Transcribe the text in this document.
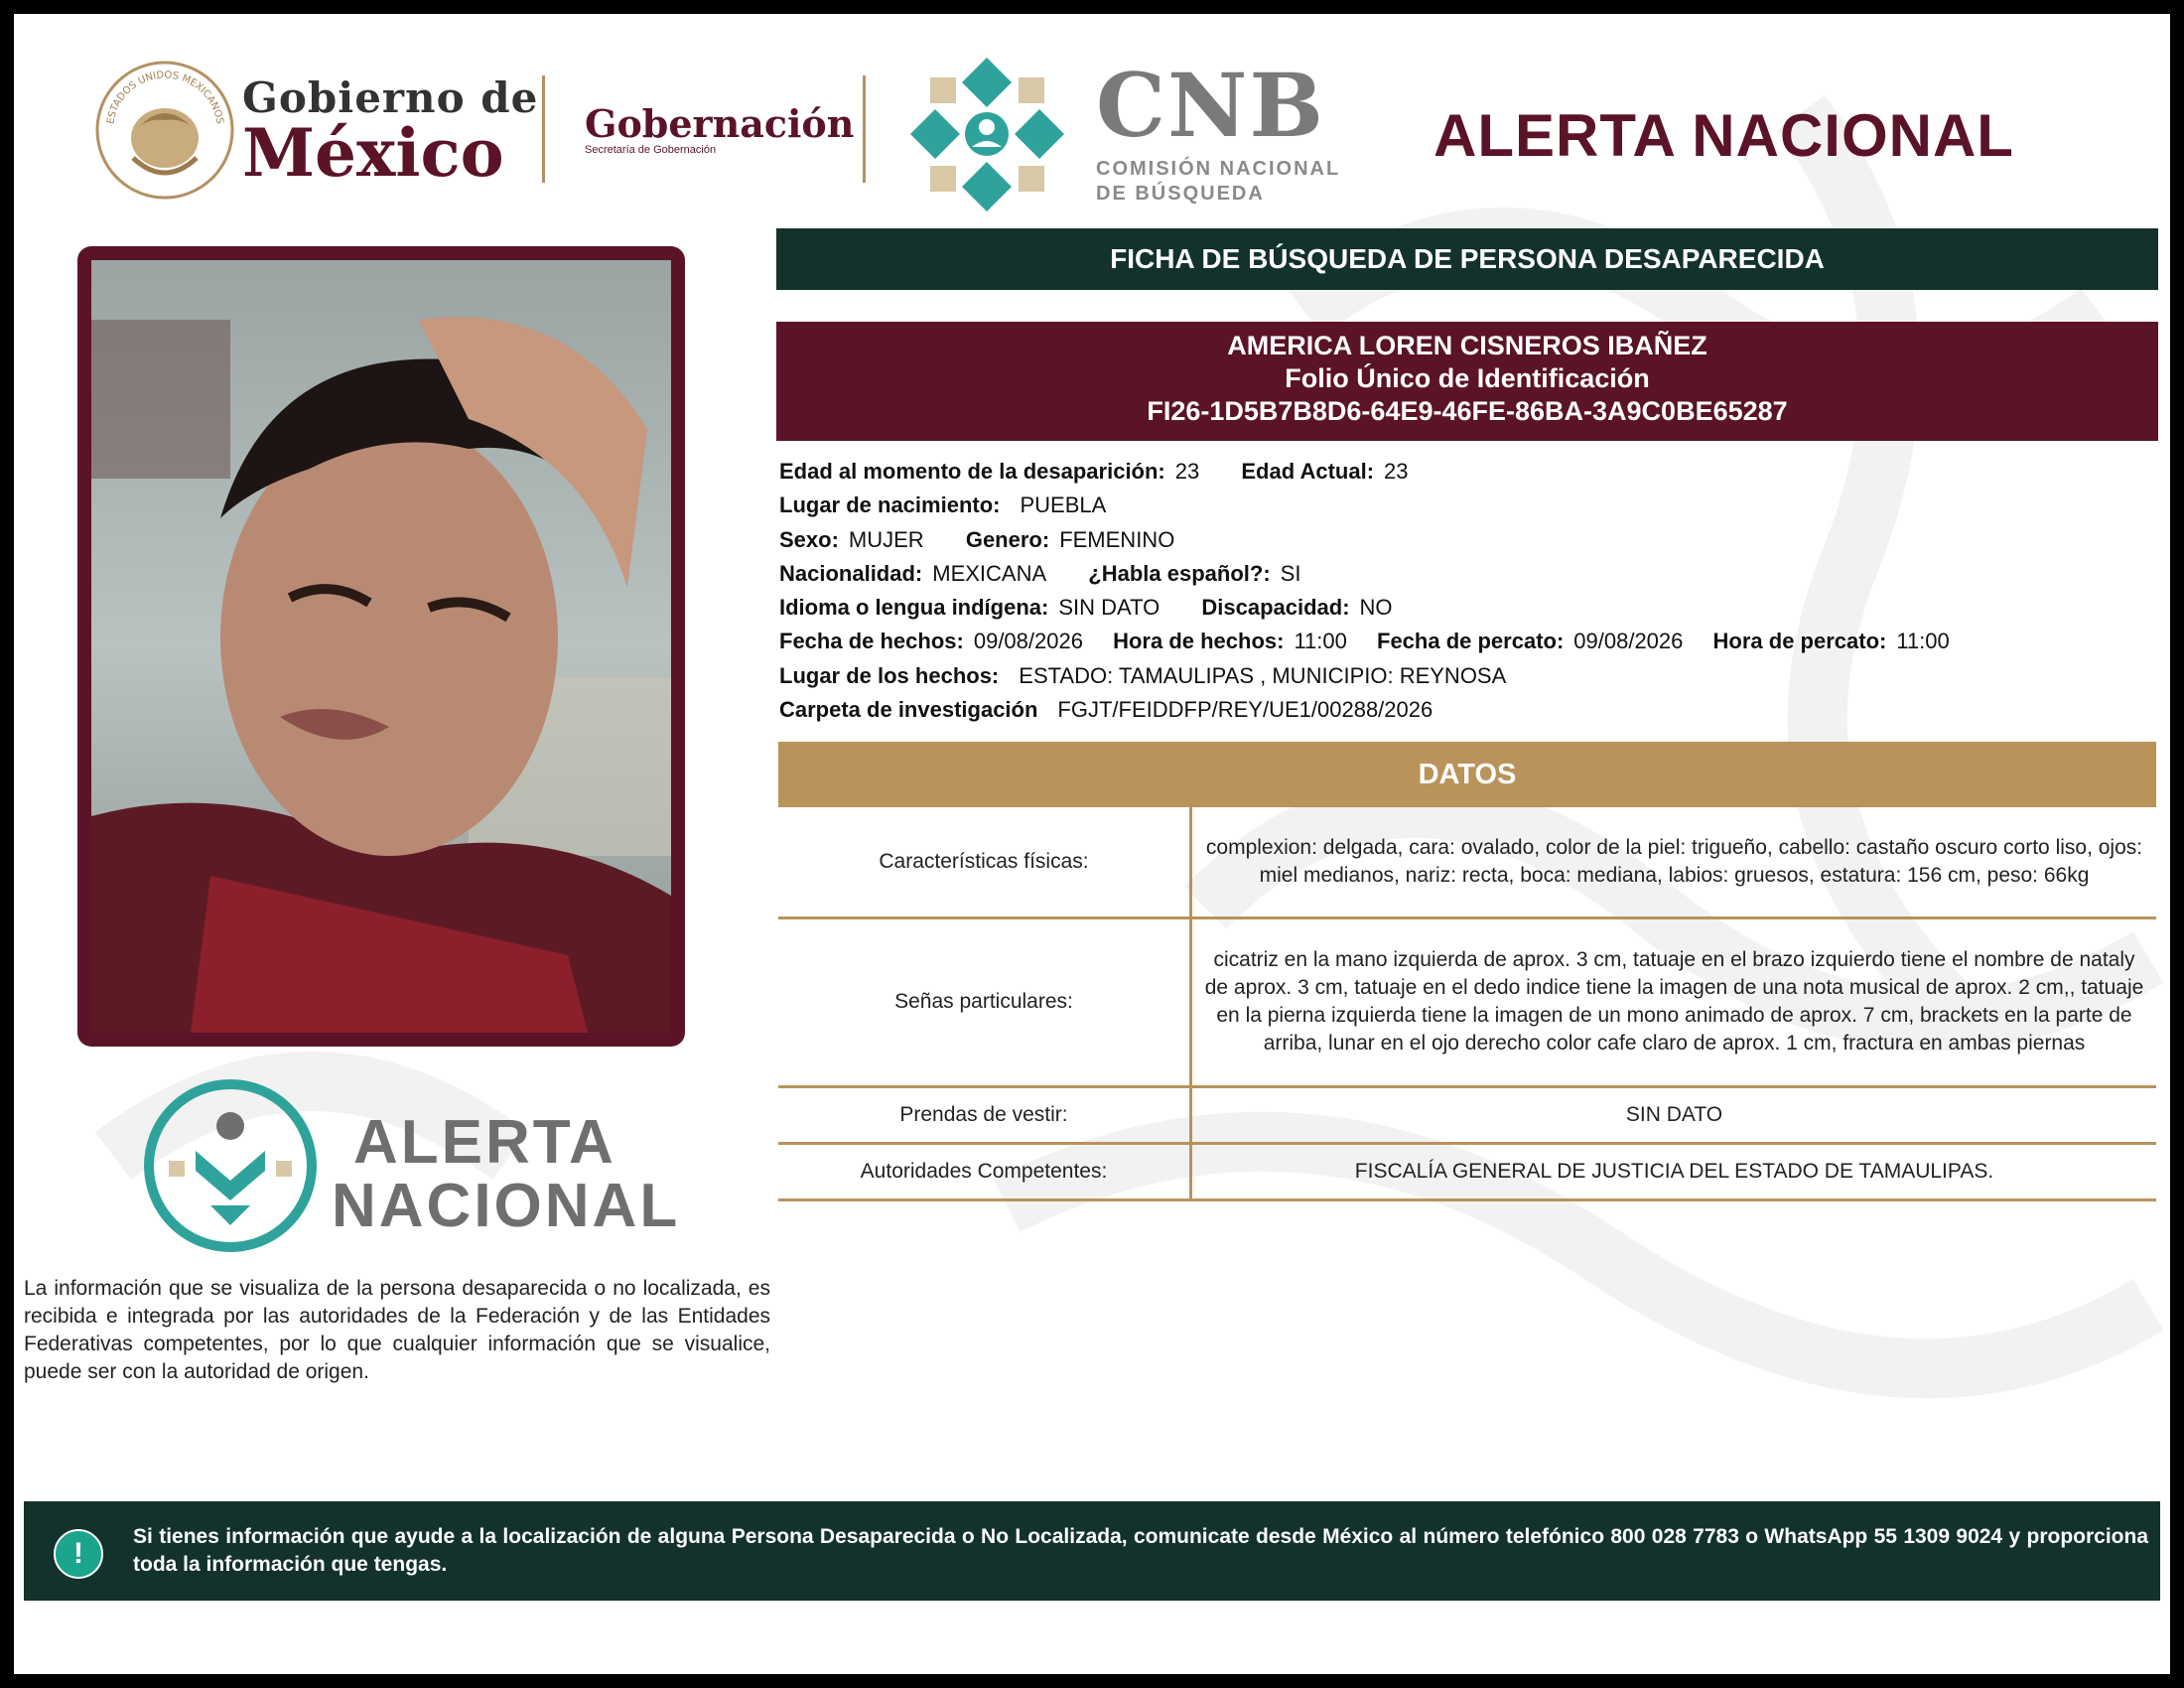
ESTADOS UNIDOS MEXICANOS Gobierno de
México	Gobernación
Secretaría de Gobernación	CNB
COMISIÓN NACIONAL
DE BÚSQUEDA
ALERTA NACIONAL
ALERTA
NACIONAL
La información que se visualiza de la persona desaparecida o no localizada, es recibida e integrada por las autoridades de la Federación y de las Entidades Federativas competentes, por lo que cualquier información que se visualice, puede ser con la autoridad de origen.
FICHA DE BÚSQUEDA DE PERSONA DESAPARECIDA
AMERICA LOREN CISNEROS IBAÑEZ
Folio Único de Identificación
FI26-1D5B7B8D6-64E9-46FE-86BA-3A9C0BE65287
Edad al momento de la desaparición: 23 Edad Actual: 23
Lugar de nacimiento: PUEBLA
Sexo: MUJER Genero: FEMENINO
Nacionalidad: MEXICANA ¿Habla español?: SI
Idioma o lengua indígena: SIN DATO Discapacidad: NO
Fecha de hechos: 09/08/2026 Hora de hechos: 11:00 Fecha de percato: 09/08/2026 Hora de percato: 11:00
Lugar de los hechos: ESTADO: TAMAULIPAS , MUNICIPIO: REYNOSA
Carpeta de investigación FGJT/FEIDDFP/REY/UE1/00288/2026
DATOS
Características físicas:	complexion: delgada, cara: ovalado, color de la piel: trigueño, cabello: castaño oscuro corto liso, ojos: miel medianos, nariz: recta, boca: mediana, labios: gruesos, estatura: 156 cm, peso: 66kg
Señas particulares:	cicatriz en la mano izquierda de aprox. 3 cm, tatuaje en el brazo izquierdo tiene el nombre de nataly de aprox. 3 cm, tatuaje en el dedo indice tiene la imagen de una nota musical de aprox. 2 cm,, tatuaje en la pierna izquierda tiene la imagen de un mono animado de aprox. 7 cm, brackets en la parte de arriba, lunar en el ojo derecho color cafe claro de aprox. 1 cm, fractura en ambas piernas
Prendas de vestir:	SIN DATO
Autoridades Competentes:	FISCALÍA GENERAL DE JUSTICIA DEL ESTADO DE TAMAULIPAS.
!
Si tienes información que ayude a la localización de alguna Persona Desaparecida o No Localizada, comunicate desde México al número telefónico 800 028 7783 o WhatsApp 55 1309 9024 y proporciona toda la información que tengas.
